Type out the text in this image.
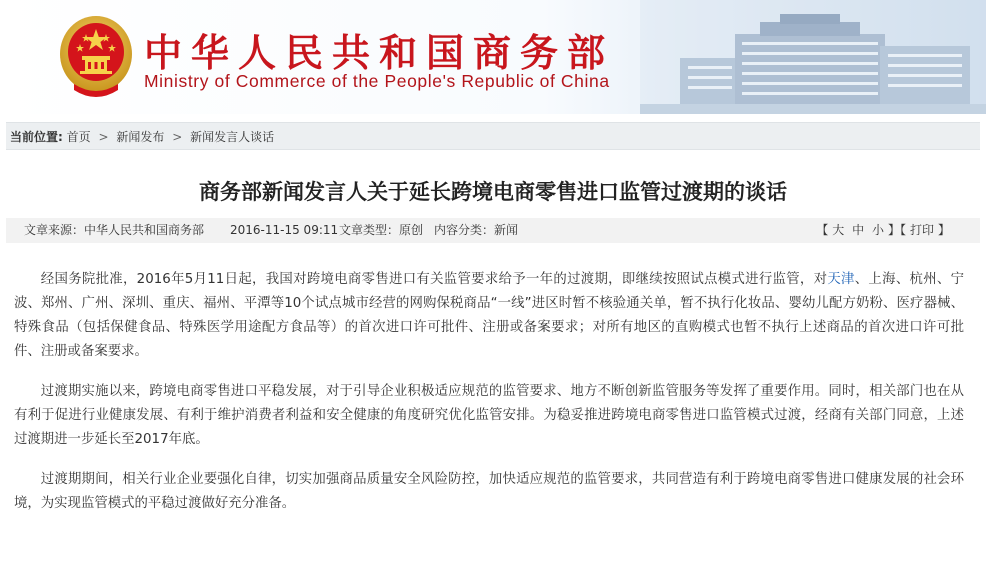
中华人民共和国商务部
Ministry of Commerce of the People's Republic of China
当前位置: 首页 > 新闻发布 > 新闻发言人谈话
商务部新闻发言人关于延长跨境电商零售进口监管过渡期的谈话
文章来源：中华人民共和国商务部 2016-11-15 09:11 文章类型：原创 内容分类：新闻	【 大 中 小 】【 打印 】

经国务院批准，2016年5月11日起，我国对跨境电商零售进口有关监管要求给予一年的过渡期，即继续按照试点模式进行监管，对天津、上海、杭州、宁波、郑州、广州、深圳、重庆、福州、平潭等10个试点城市经营的网购保税商品“一线”进区时暂不核验通关单，暂不执行化妆品、婴幼儿配方奶粉、医疗器械、特殊食品（包括保健食品、特殊医学用途配方食品等）的首次进口许可批件、注册或备案要求；对所有地区的直购模式也暂不执行上述商品的首次进口许可批件、注册或备案要求。

过渡期实施以来，跨境电商零售进口平稳发展，对于引导企业积极适应规范的监管要求、地方不断创新监管服务等发挥了重要作用。同时，相关部门也在从有利于促进行业健康发展、有利于维护消费者利益和安全健康的角度研究优化监管安排。为稳妥推进跨境电商零售进口监管模式过渡，经商有关部门同意，上述过渡期进一步延长至2017年底。

过渡期期间，相关行业企业要强化自律，切实加强商品质量安全风险防控，加快适应规范的监管要求，共同营造有利于跨境电商零售进口健康发展的社会环境，为实现监管模式的平稳过渡做好充分准备。
